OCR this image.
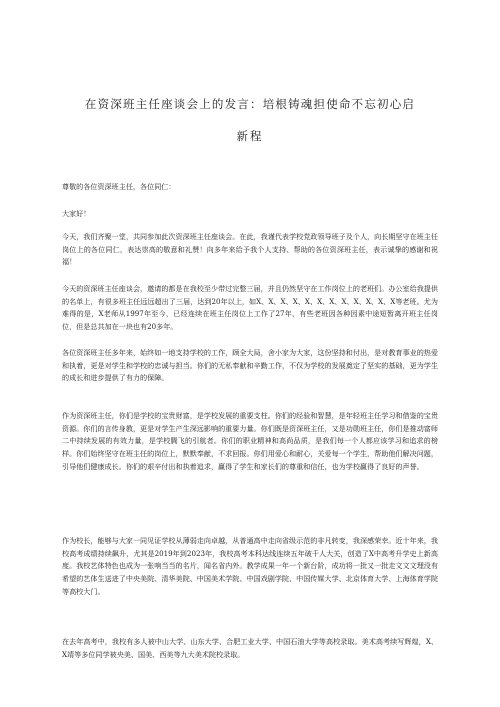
在资深班主任座谈会上的发言：培根铸魂担使命不忘初心启
新程

尊敬的各位资深班主任，各位同仁：

大家好！

今天，我们齐聚一堂，共同参加此次资深班主任座谈会。在此，我谨代表学校党政领导班子及个人，向长期坚守在班主任岗位上的各位同仁，表达崇高的敬意和礼赞！向多年来给予我个人支持、帮助的各位资深班主任，表示诚挚的感谢和祝福！

今天的资深班主任座谈会，邀请的都是在我校至少带过完整三届，并且仍然坚守在工作岗位上的老班们。办公室给我提供的名单上，有很多班主任远远超出了三届，达到20年以上，如X、X、X、X、X、X、X、X、X、X、X、X等老班。尤为难得的是，X老师从1997年至今，已经连续在班主任岗位上工作了27年，有些老班因各种因素中途短暂离开班主任岗位，但是总共加在一块也有20多年。

各位资深班主任多年来，始终如一地支持学校的工作，顾全大局，舍小家为大家，这份坚持和付出，是对教育事业的热爱和执着，更是对学生和学校的忠诚与担当。你们的无私奉献和辛勤工作，不仅为学校的发展奠定了坚实的基础，更为学生的成长和进步提供了有力的保障。

作为资深班主任，你们是学校的宝贵财富，是学校发展的重要支柱。你们的经验和智慧，是年轻班主任学习和借鉴的宝贵资源。你们的言传身教，更是对学生产生深远影响的重要力量。你们既是资深班主任，又是功勋班主任，你们是推动富师二中持续发展的有效力量，是学校腾飞的引航者。你们的职业精神和高尚品质，是我们每一个人都应该学习和追求的榜样。你们始终坚守在班主任的岗位上，默默奉献，不求回报。你们用爱心和耐心，关爱每一个学生，帮助他们解决问题，引导他们健康成长。你们的艰辛付出和执着追求，赢得了学生和家长们的尊重和信任，也为学校赢得了良好的声誉。

作为校长，能够与大家一同见证学校从薄弱走向卓越，从普通高中走向省级示范的非凡转变，我深感荣幸。近十年来，我校高考成绩持续飙升，尤其是2019年到2023年，我校高考本科达线连续五年破千人大关，创造了X中高考升学史上新高度。我校艺体特色也成为一张响当当的名片，闻名省内外。教学成果一年一个新台阶，成功将一批又一批走文文文理没有希望的艺体生送进了中央美院、清华美院、中国美术学院、中国戏剧学院、中国传媒大学、北京体育大学、上海体育学院等高校大门。

在去年高考中，我校有多人被中山大学、山东大学、合肥工业大学、中国石油大学等高校录取。美术高考续写辉煌，X、X靖等多位同学被央美、国美、西美等九大美术院校录取。
